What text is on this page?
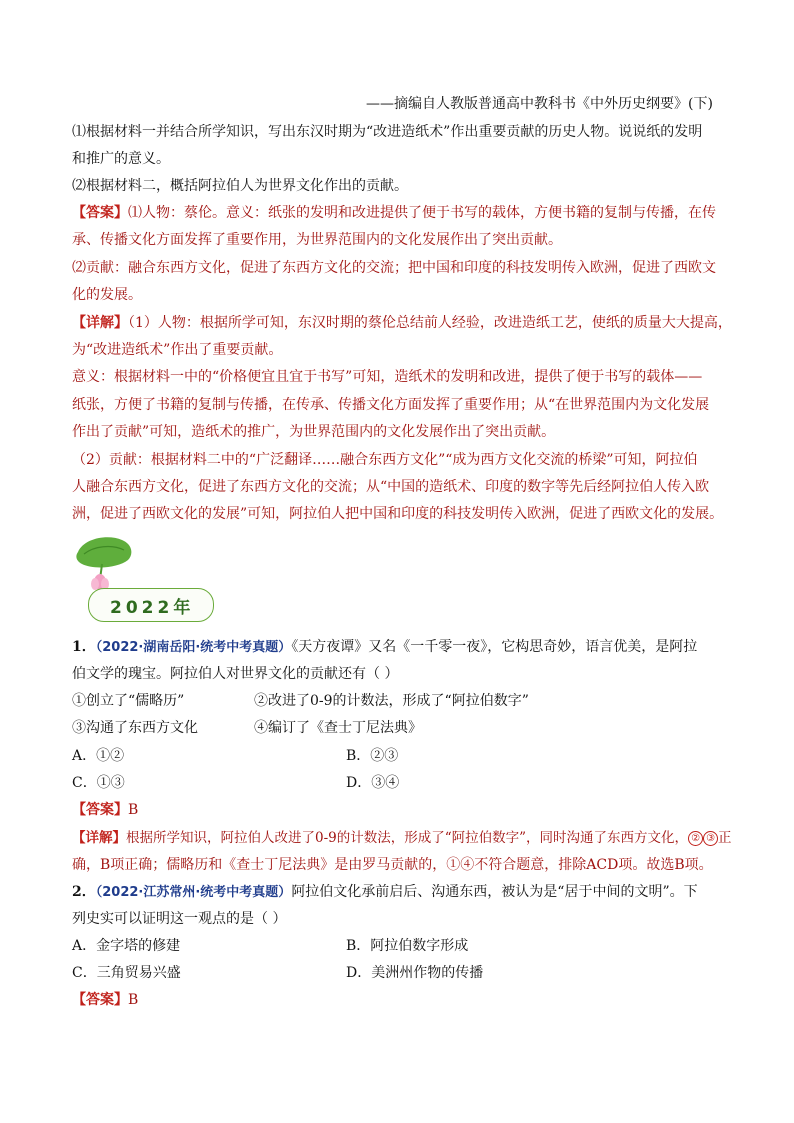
——摘编自人教版普通高中教科书《中外历史纲要》(下)
⑴根据材料一并结合所学知识，写出东汉时期为“改进造纸术”作出重要贡献的历史人物。说说纸的发明
和推广的意义。
⑵根据材料二，概括阿拉伯人为世界文化作出的贡献。
【答案】⑴人物：蔡伦。意义：纸张的发明和改进提供了便于书写的载体，方便书籍的复制与传播，在传
承、传播文化方面发挥了重要作用，为世界范围内的文化发展作出了突出贡献。
⑵贡献：融合东西方文化，促进了东西方文化的交流；把中国和印度的科技发明传入欧洲，促进了西欧文
化的发展。
【详解】（1）人物：根据所学可知，东汉时期的蔡伦总结前人经验，改进造纸工艺，使纸的质量大大提高，
为“改进造纸术”作出了重要贡献。
意义：根据材料一中的“价格便宜且宜于书写”可知，造纸术的发明和改进，提供了便于书写的载体——
纸张，方便了书籍的复制与传播，在传承、传播文化方面发挥了重要作用；从“在世界范围内为文化发展
作出了贡献”可知，造纸术的推广，为世界范围内的文化发展作出了突出贡献。
（2）贡献：根据材料二中的“广泛翻译……融合东西方文化”“成为西方文化交流的桥梁”可知，阿拉伯
人融合东西方文化，促进了东西方文化的交流；从“中国的造纸术、印度的数字等先后经阿拉伯人传入欧
洲，促进了西欧文化的发展”可知，阿拉伯人把中国和印度的科技发明传入欧洲，促进了西欧文化的发展。
2022年
1．（2022·湖南岳阳·统考中考真题）《天方夜谭》又名《一千零一夜》，它构思奇妙，语言优美，是阿拉
伯文学的瑰宝。阿拉伯人对世界文化的贡献还有（ ）
①创立了“儒略历”	②改进了0-9的计数法，形成了“阿拉伯数字”
③沟通了东西方文化	④编订了《查士丁尼法典》
A．①②	B．②③
C．①③	D．③④
【答案】B
【详解】根据所学知识，阿拉伯人改进了0-9的计数法，形成了“阿拉伯数字”，同时沟通了东西方文化， ② ③ 正
确，B项正确；儒略历和《查士丁尼法典》是由罗马贡献的，①④不符合题意，排除ACD项。故选B项。
2．（2022·江苏常州·统考中考真题）阿拉伯文化承前启后、沟通东西，被认为是“居于中间的文明”。下
列史实可以证明这一观点的是（ ）
A．金字塔的修建	B．阿拉伯数字形成
C．三角贸易兴盛	D．美洲州作物的传播
【答案】B
